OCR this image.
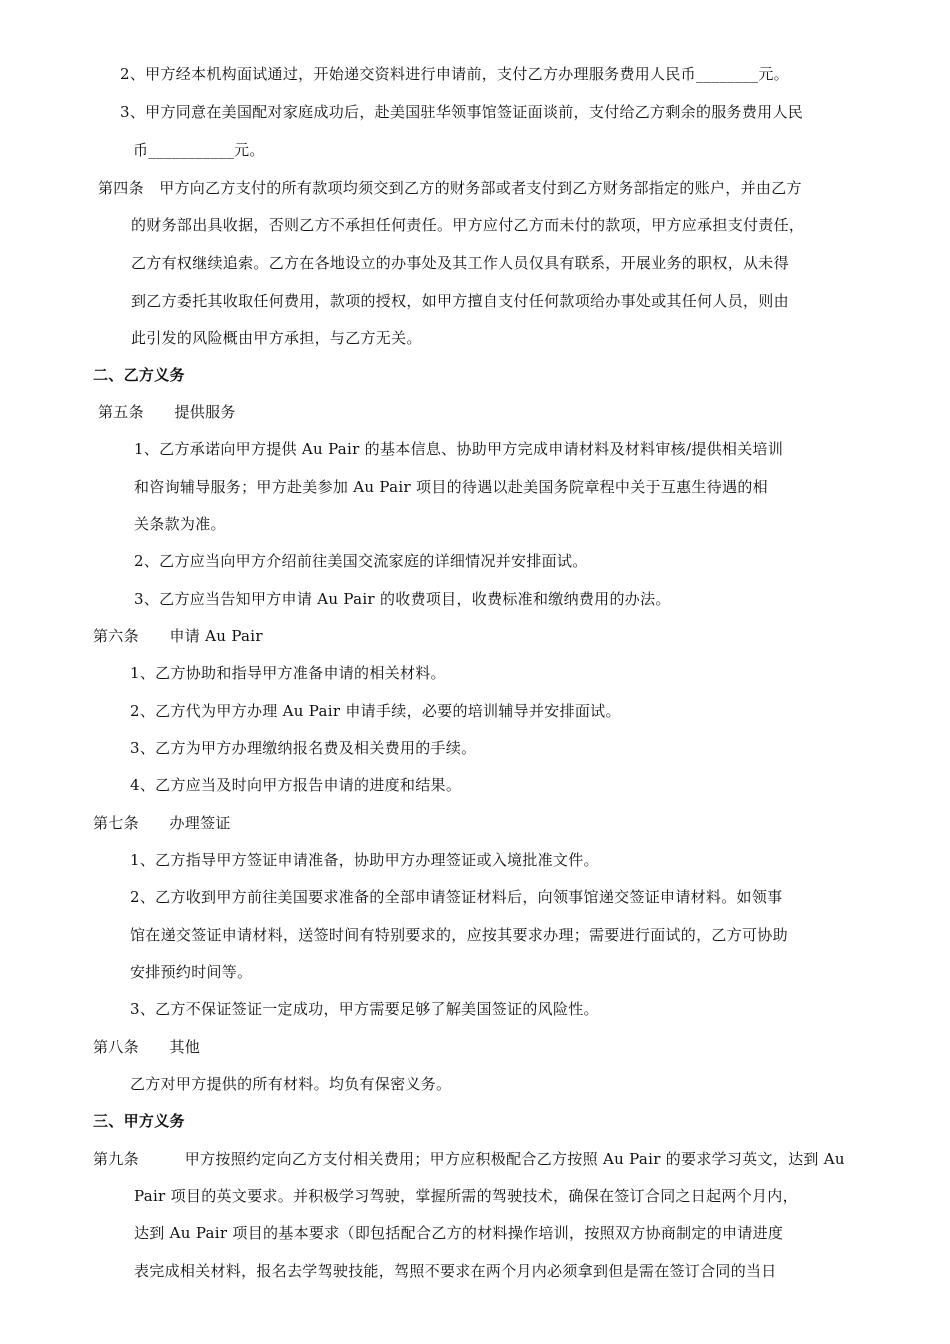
2、甲方经本机构面试通过，开始递交资料进行申请前，支付乙方办理服务费用人民币________元。
3、甲方同意在美国配对家庭成功后，赴美国驻华领事馆签证面谈前，支付给乙方剩余的服务费用人民
币___________元。
第四条　甲方向乙方支付的所有款项均须交到乙方的财务部或者支付到乙方财务部指定的账户，并由乙方
的财务部出具收据，否则乙方不承担任何责任。甲方应付乙方而未付的款项，甲方应承担支付责任，
乙方有权继续追索。乙方在各地设立的办事处及其工作人员仅具有联系，开展业务的职权，从未得
到乙方委托其收取任何费用，款项的授权，如甲方擅自支付任何款项给办事处或其任何人员，则由
此引发的风险概由甲方承担，与乙方无关。
二、乙方义务
第五条　　提供服务
1、乙方承诺向甲方提供 Au Pair 的基本信息、协助甲方完成申请材料及材料审核/提供相关培训
和咨询辅导服务；甲方赴美参加 Au Pair 项目的待遇以赴美国务院章程中关于互惠生待遇的相
关条款为准。
2、乙方应当向甲方介绍前往美国交流家庭的详细情况并安排面试。
3、乙方应当告知甲方申请 Au Pair 的收费项目，收费标准和缴纳费用的办法。
第六条　　申请 Au Pair
1、乙方协助和指导甲方准备申请的相关材料。
2、乙方代为甲方办理 Au Pair 申请手续，必要的培训辅导并安排面试。
3、乙方为甲方办理缴纳报名费及相关费用的手续。
4、乙方应当及时向甲方报告申请的进度和结果。
第七条　　办理签证
1、乙方指导甲方签证申请准备，协助甲方办理签证或入境批准文件。
2、乙方收到甲方前往美国要求准备的全部申请签证材料后，向领事馆递交签证申请材料。如领事
馆在递交签证申请材料，送签时间有特别要求的，应按其要求办理；需要进行面试的，乙方可协助
安排预约时间等。
3、乙方不保证签证一定成功，甲方需要足够了解美国签证的风险性。
第八条　　其他
乙方对甲方提供的所有材料。均负有保密义务。
三、甲方义务
第九条　　　甲方按照约定向乙方支付相关费用；甲方应积极配合乙方按照 Au Pair 的要求学习英文，达到 Au
Pair 项目的英文要求。并积极学习驾驶，掌握所需的驾驶技术，确保在签订合同之日起两个月内，
达到 Au Pair 项目的基本要求（即包括配合乙方的材料操作培训，按照双方协商制定的申请进度
表完成相关材料，报名去学驾驶技能，驾照不要求在两个月内必须拿到但是需在签订合同的当日
